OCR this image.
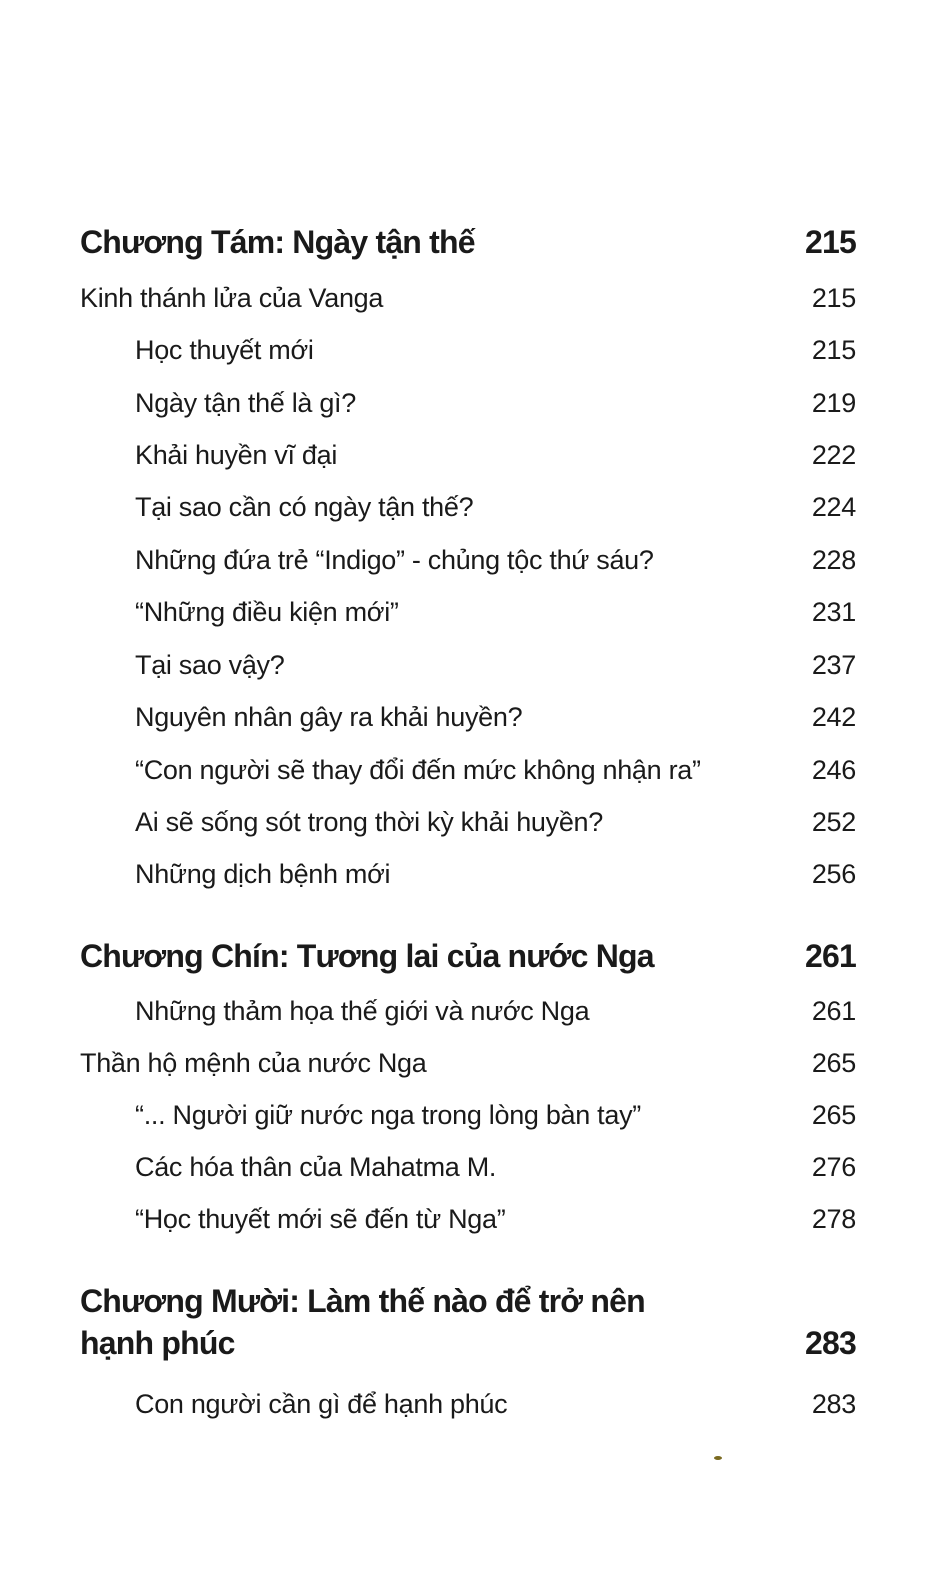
Chương Tám: Ngày tận thế	215
Kinh thánh lửa của Vanga	215
Học thuyết mới	215
Ngày tận thế là gì?	219
Khải huyền vĩ đại	222
Tại sao cần có ngày tận thế?	224
Những đứa trẻ “Indigo” - chủng tộc thứ sáu?	228
“Những điều kiện mới”	231
Tại sao vậy?	237
Nguyên nhân gây ra khải huyền?	242
“Con người sẽ thay đổi đến mức không nhận ra”	246
Ai sẽ sống sót trong thời kỳ khải huyền?	252
Những dịch bệnh mới	256
Chương Chín: Tương lai của nước Nga	261
Những thảm họa thế giới và nước Nga	261
Thần hộ mệnh của nước Nga	265
“... Người giữ nước nga trong lòng bàn tay”	265
Các hóa thân của Mahatma M.	276
“Học thuyết mới sẽ đến từ Nga”	278
Chương Mười: Làm thế nào để trở nên
hạnh phúc	283
Con người cần gì để hạnh phúc	283
